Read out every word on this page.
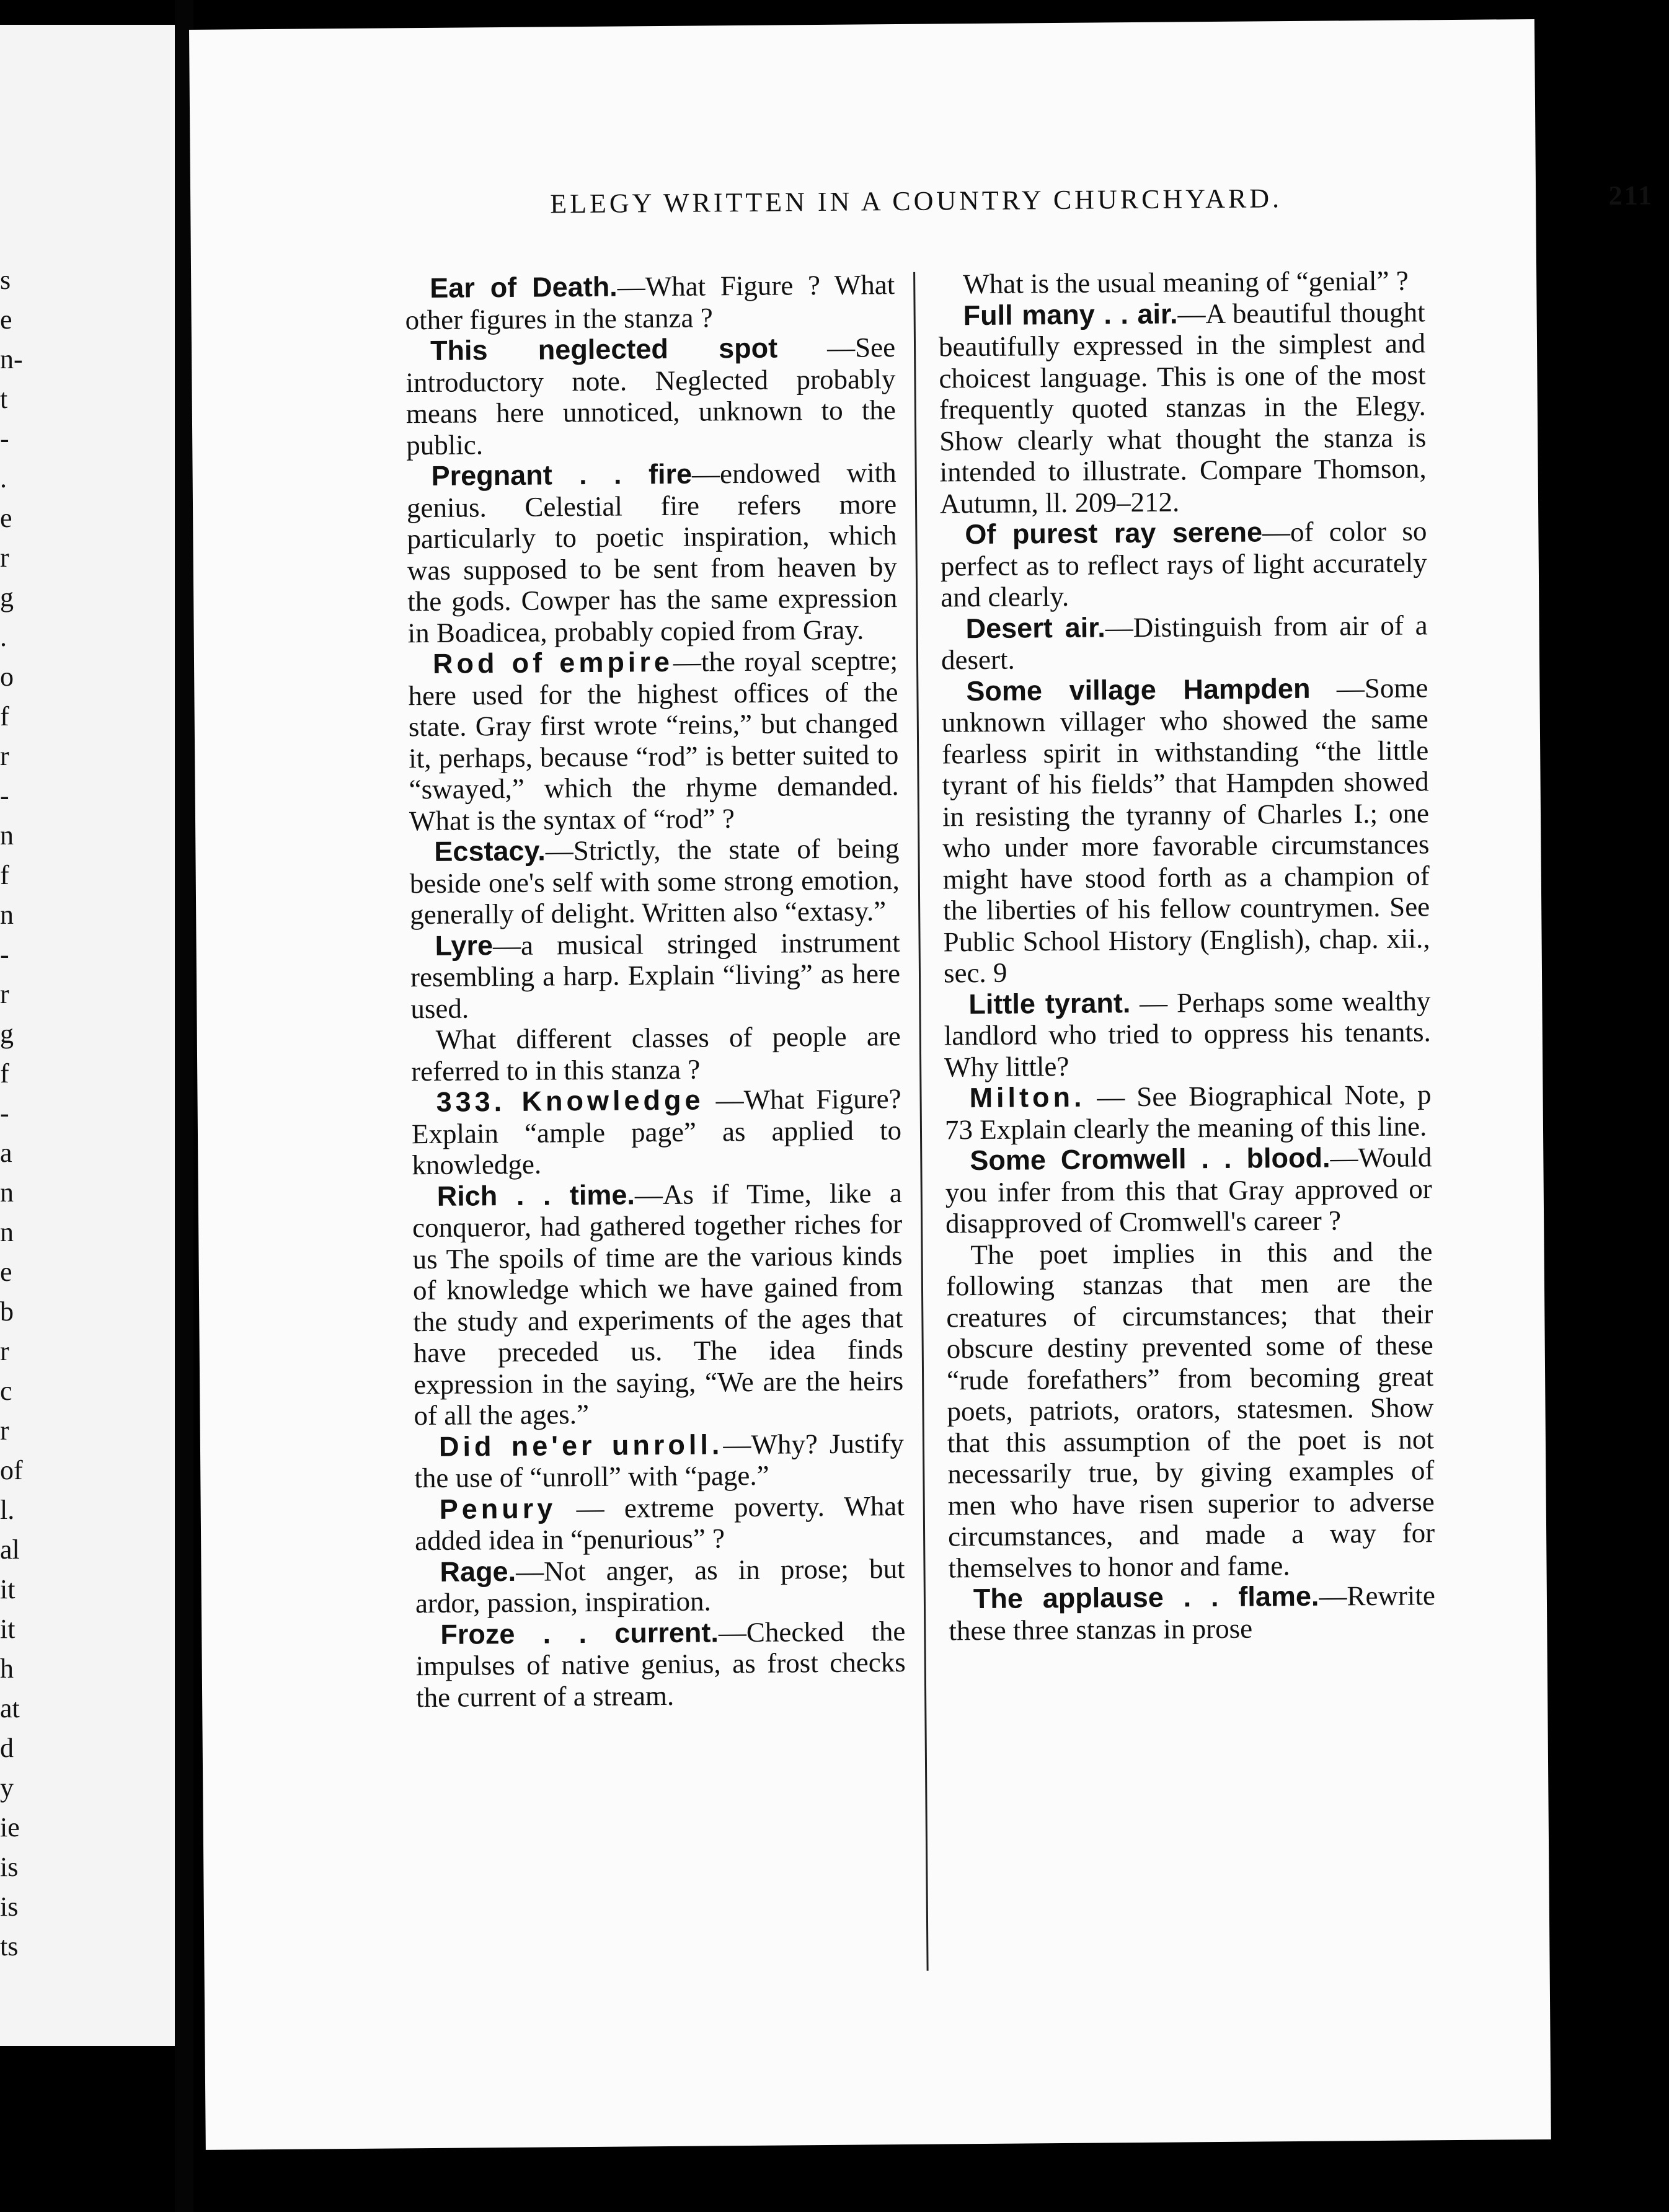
s
e
n-
t
-
.
e
r
g
.
o
f
r
-
n
f
n
-
r
g
f
-
a
n
n
e
b
r
c
r
of
l.
al
it
it
h
at
d
y
ie
is
is
ts
ELEGY WRITTEN IN A COUNTRY CHURCHYARD.	211

Ear of Death.—What Figure ? What other figures in the stanza ?

This neglected spot —See introductory note. Neglected probably means here unnoticed, unknown to the public.

Pregnant . . fire—endowed with genius. Celestial fire refers more particularly to poetic inspiration, which was supposed to be sent from heaven by the gods. Cowper has the same expression in Boadicea, probably copied from Gray.

Rod of empire—the royal sceptre; here used for the highest offices of the state. Gray first wrote “reins,” but changed it, perhaps, because “rod” is better suited to “swayed,” which the rhyme demanded. What is the syntax of “rod” ?

Ecstacy.—Strictly, the state of being beside one's self with some strong emotion, generally of delight. Written also “extasy.”

Lyre—a musical stringed instrument resembling a harp. Explain “living” as here used.

What different classes of people are referred to in this stanza ?

333. Knowledge —What Figure? Explain “ample page” as applied to knowledge.

Rich . . time.—As if Time, like a conqueror, had gathered together riches for us The spoils of time are the various kinds of knowledge which we have gained from the study and experiments of the ages that have preceded us. The idea finds expression in the saying, “We are the heirs of all the ages.”

Did ne'er unroll.—Why? Justify the use of “unroll” with “page.”

Penury — extreme poverty. What added idea in “penurious” ?

Rage.—Not anger, as in prose; but ardor, passion, inspiration.

Froze . . current.—Checked the impulses of native genius, as frost checks the current of a stream.

What is the usual meaning of “genial” ?

Full many . . air.—A beautiful thought beautifully expressed in the simplest and choicest language. This is one of the most frequently quoted stanzas in the Elegy. Show clearly what thought the stanza is intended to illustrate. Compare Thomson, Autumn, ll. 209–212.

Of purest ray serene—of color so perfect as to reflect rays of light accurately and clearly.

Desert air.—Distinguish from air of a desert.

Some village Hampden —Some unknown villager who showed the same fearless spirit in withstanding “the little tyrant of his fields” that Hampden showed in resisting the tyranny of Charles I.; one who under more favorable circumstances might have stood forth as a champion of the liberties of his fellow countrymen. See Public School History (English), chap. xii., sec. 9

Little tyrant. — Perhaps some wealthy landlord who tried to oppress his tenants. Why little?

Milton. — See Biographical Note, p 73 Explain clearly the meaning of this line.

Some Cromwell . . blood.—Would you infer from this that Gray approved or disapproved of Cromwell's career ?

The poet implies in this and the following stanzas that men are the creatures of circumstances; that their obscure destiny prevented some of these “rude forefathers” from becoming great poets, patriots, orators, statesmen. Show that this assumption of the poet is not necessarily true, by giving examples of men who have risen superior to adverse circumstances, and made a way for themselves to honor and fame.

The applause . . flame.—Rewrite these three stanzas in prose
